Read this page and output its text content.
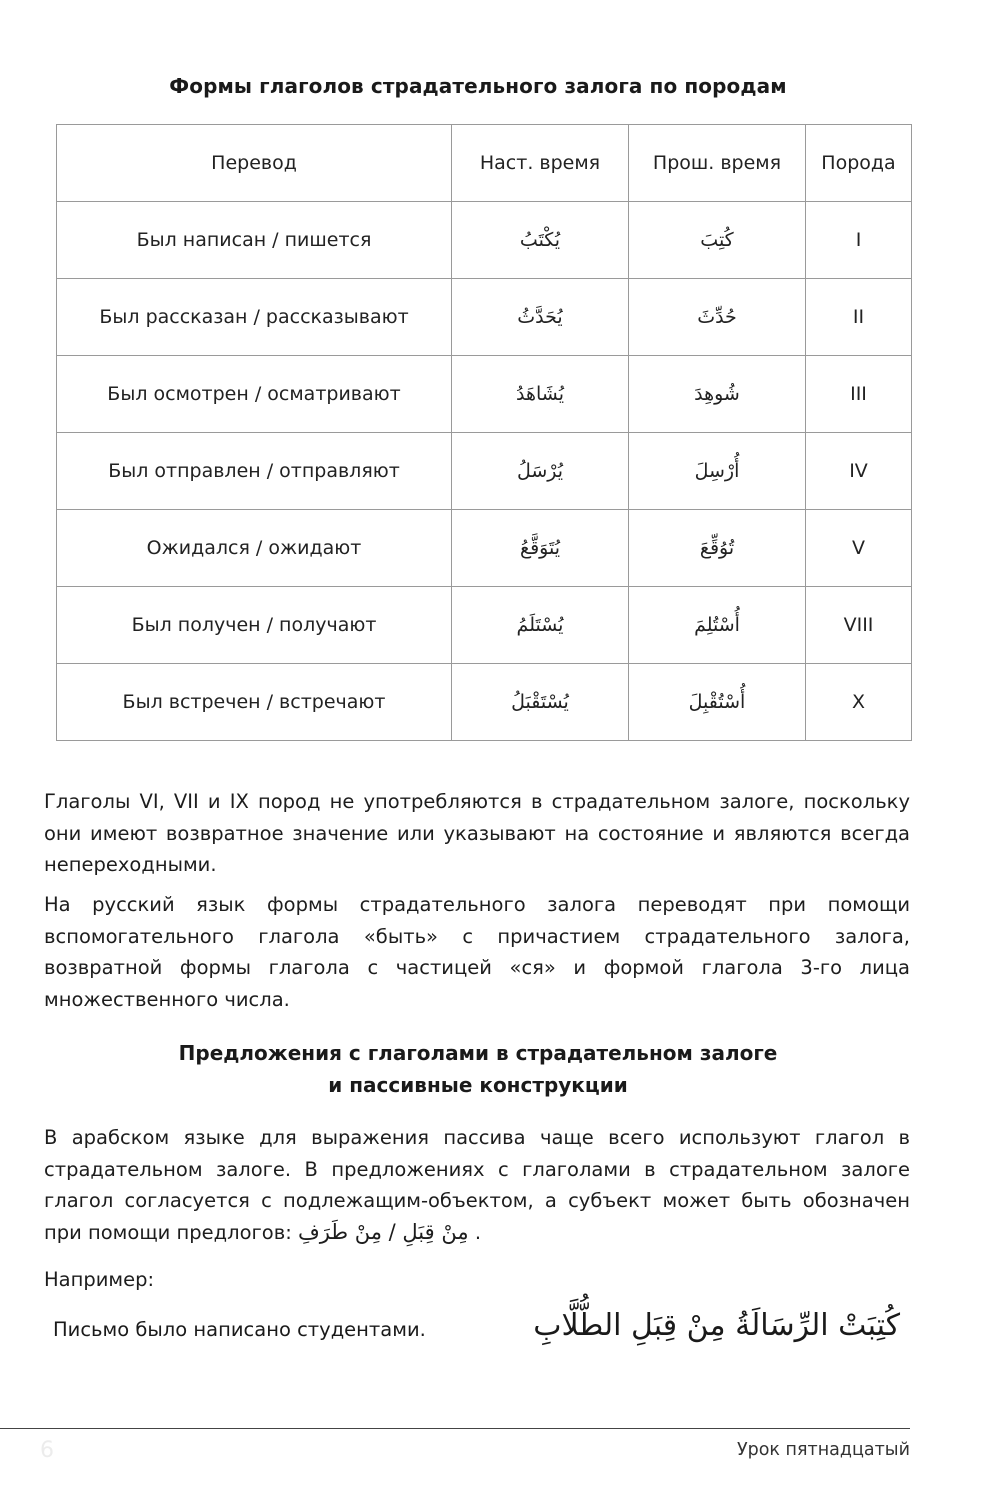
Формы глаголов страдательного залога по породам
Перевод	Наст. время	Прош. время	Порода
Был написан / пишется	يُكْتَبُ	كُتِبَ	I
Был рассказан / рассказывают	يُحَدَّثُ	حُدِّثَ	II
Был осмотрен / осматривают	يُشَاهَدُ	شُوهِدَ	III
Был отправлен / отправляют	يُرْسَلُ	أُرْسِلَ	IV
Ожидался / ожидают	يُتَوَقَّعُ	تُوُقِّعَ	V
Был получен / получают	يُسْتَلَمُ	أُسْتُلِمَ	VIII
Был встречен / встречают	يُسْتَقْبَلُ	أُسْتُقْبِلَ	X
Глаголы VI, VII и IX пород не употребляются в страдательном залоге, поскольку они имеют возвратное значение или указывают на состояние и являются всегда непереходными.
На русский язык формы страдательного залога переводят при помощи вспомогательного глагола «быть» с причастием страдательного залога, возвратной формы глагола с частицей «ся» и формой глагола 3-го лица множественного числа.
Предложения с глаголами в страдательном залоге
и пассивные конструкции
В арабском языке для выражения пассива чаще всего используют глагол в страдательном залоге. В предложениях с глаголами в страдательном залоге глагол согласуется с подлежащим-объектом, а субъект может быть обозначен при помощи предлогов: مِنْ قِبَلِ / مِنْ طَرَفِ .
Например:
Письмо было написано студентами.	كُتِبَتْ الرِّسَالَةُ مِنْ قِبَلِ الطُّلَّابِ
6	Урок пятнадцатый
